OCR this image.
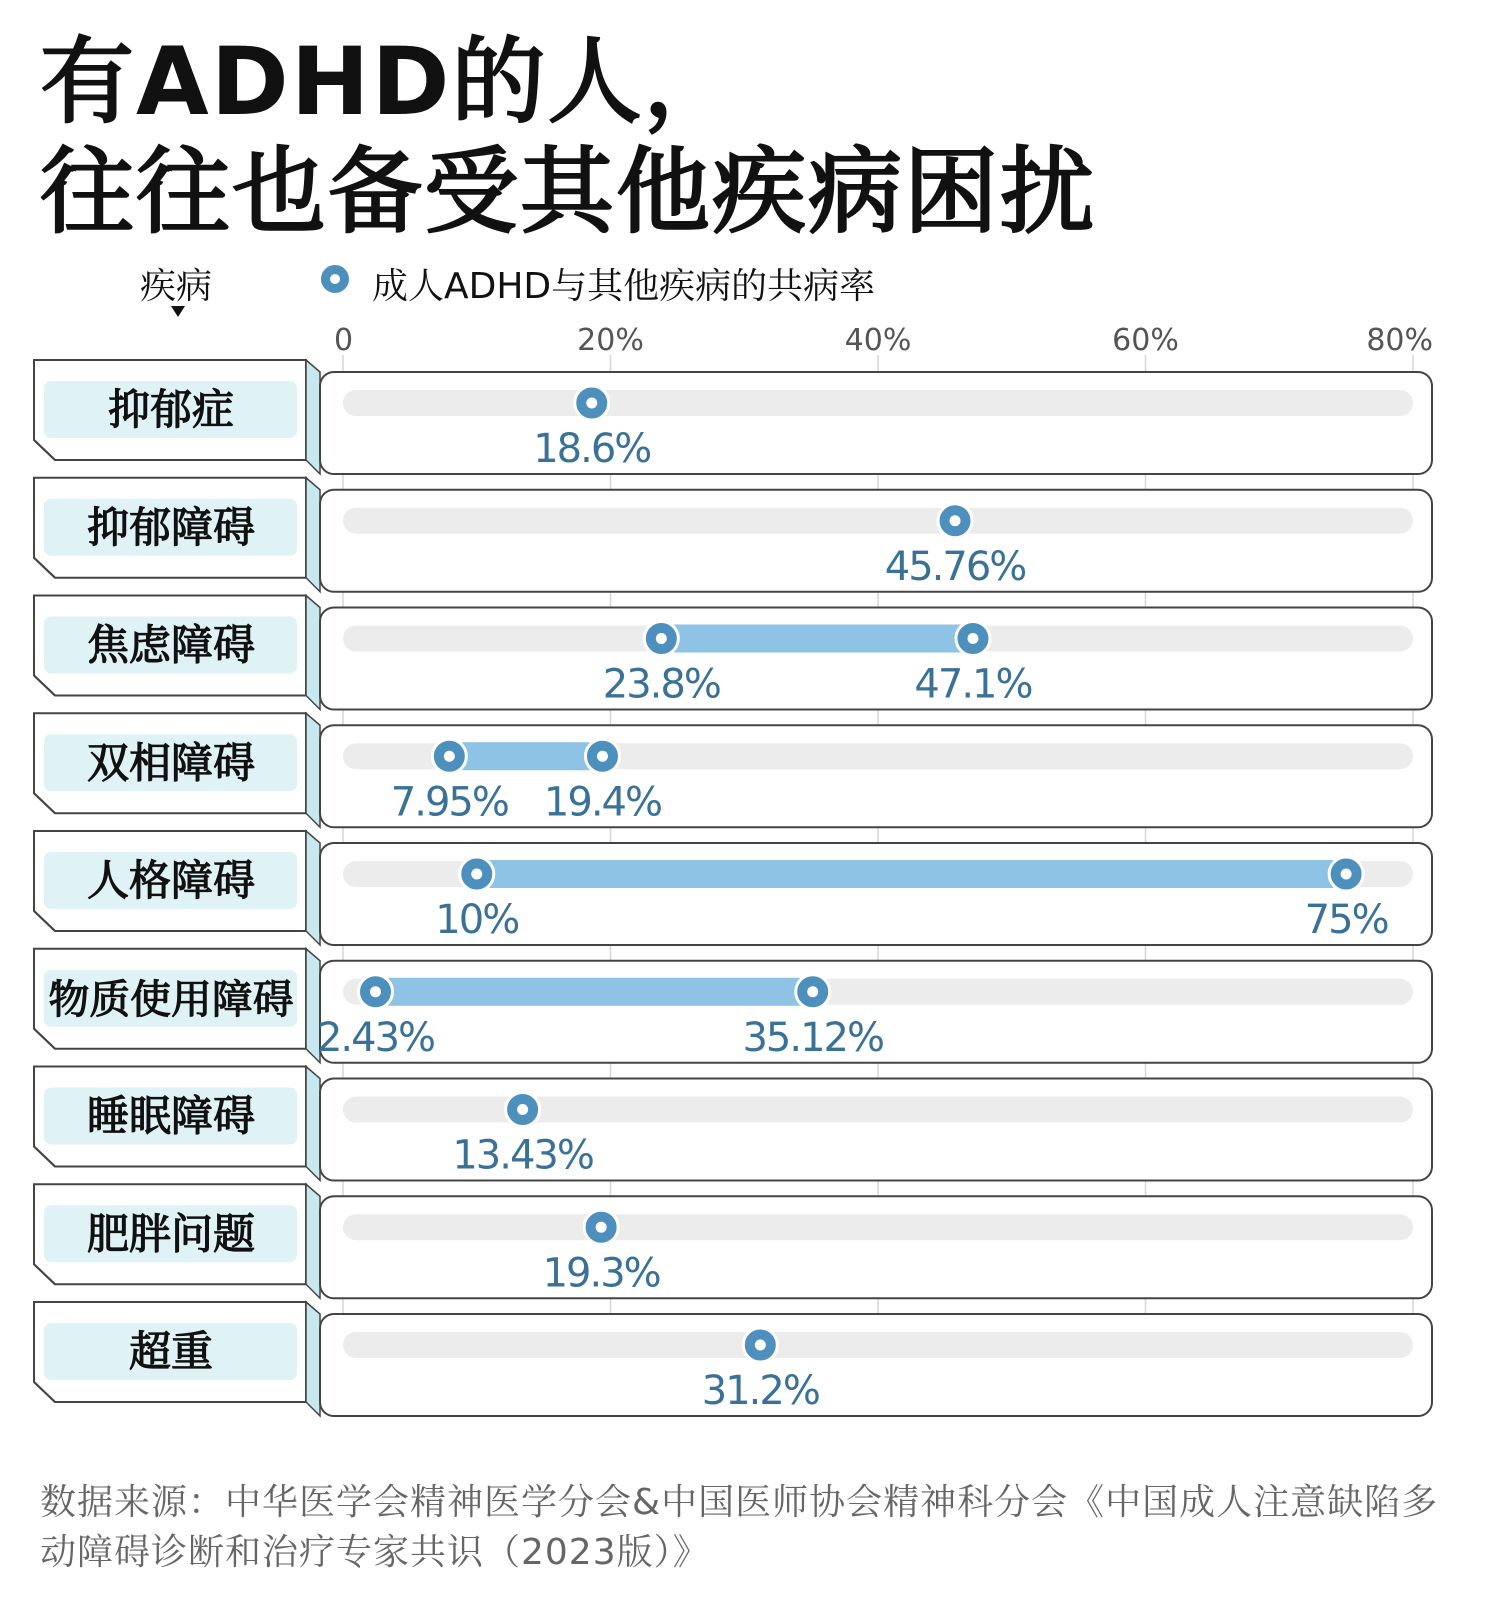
0	20%	40%	60%	80%
抑郁症
18.6%
抑郁障碍
45.76%
焦虑障碍
23.8%	47.1%
双相障碍
7.95% 19.4%
人格障碍
10%	75%
物质使用障碍
2.43%	35.12%
睡眠障碍
13.43%
肥胖问题
19.3%
超重
31.2%
有ADHD的人，
往往也备受其他疾病困扰
疾病	成人ADHD与其他疾病的共病率
数据来源：中华医学会精神医学分会&中国医师协会精神科分会《中国成人注意缺陷多动障碍诊断和治疗专家共识（2023版）》
